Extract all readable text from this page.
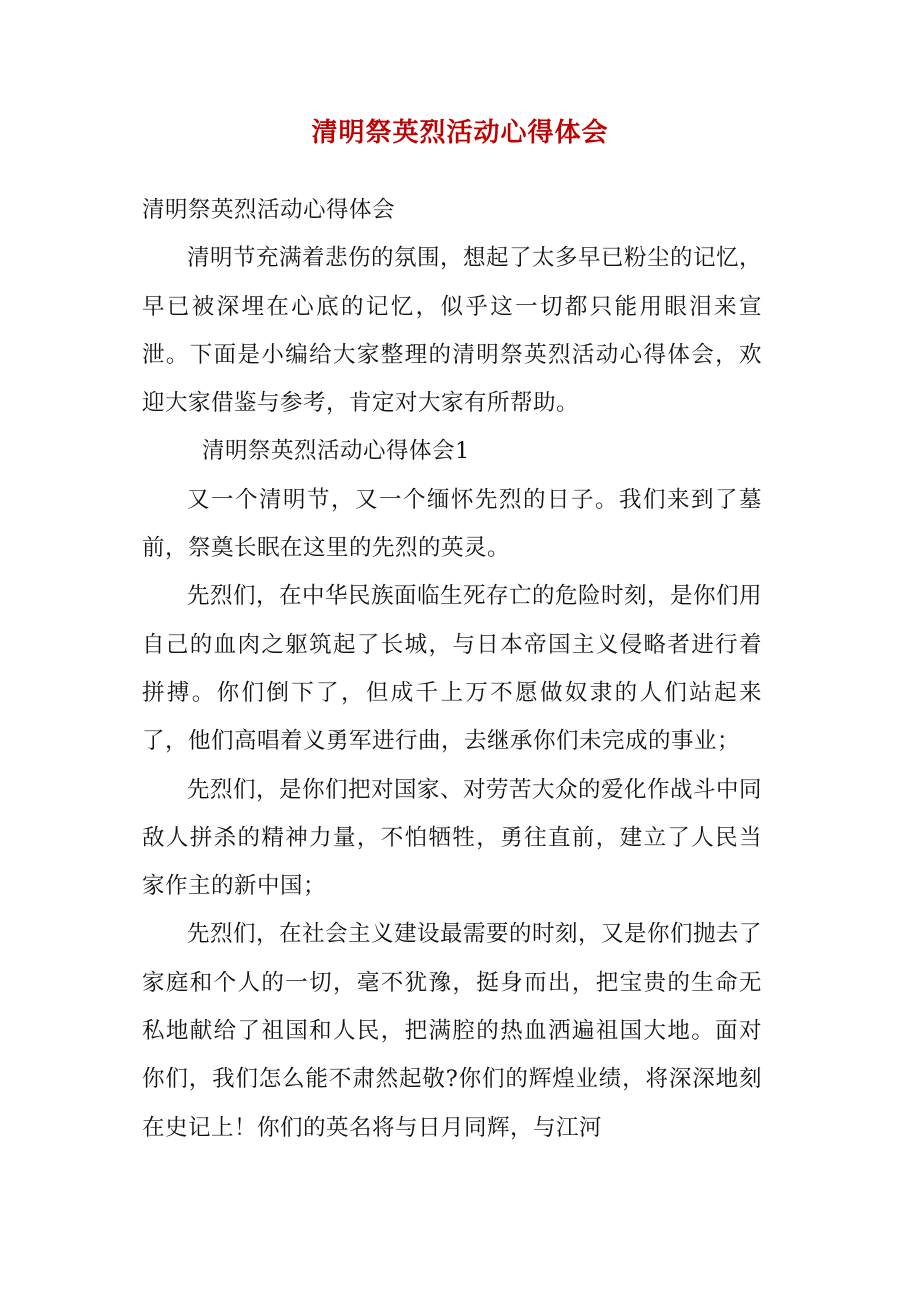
清明祭英烈活动心得体会

清明祭英烈活动心得体会

清明节充满着悲伤的氛围，想起了太多早已粉尘的记忆，早已被深埋在心底的记忆，似乎这一切都只能用眼泪来宣泄。下面是小编给大家整理的清明祭英烈活动心得体会，欢迎大家借鉴与参考，肯定对大家有所帮助。

清明祭英烈活动心得体会1

又一个清明节，又一个缅怀先烈的日子。我们来到了墓前，祭奠长眠在这里的先烈的英灵。

先烈们，在中华民族面临生死存亡的危险时刻，是你们用自己的血肉之躯筑起了长城，与日本帝国主义侵略者进行着拼搏。你们倒下了，但成千上万不愿做奴隶的人们站起来了，他们高唱着义勇军进行曲，去继承你们未完成的事业；

先烈们，是你们把对国家、对劳苦大众的爱化作战斗中同敌人拼杀的精神力量，不怕牺牲，勇往直前，建立了人民当家作主的新中国；

先烈们，在社会主义建设最需要的时刻，又是你们抛去了家庭和个人的一切，毫不犹豫，挺身而出，把宝贵的生命无私地献给了祖国和人民，把满腔的热血洒遍祖国大地。面对你们，我们怎么能不肃然起敬?你们的辉煌业绩，将深深地刻在史记上！你们的英名将与日月同辉，与江河
